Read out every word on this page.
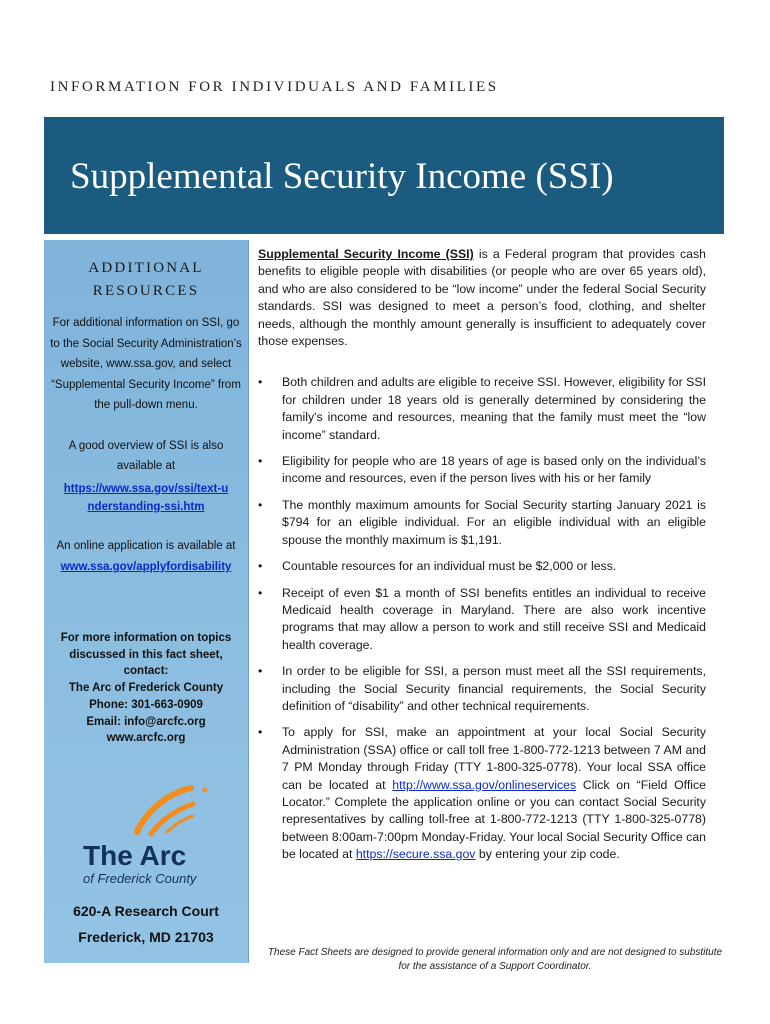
INFORMATION FOR INDIVIDUALS AND FAMILIES
Supplemental Security Income (SSI)
ADDITIONAL
RESOURCES
For additional information on SSI, go to the Social Security Administration’s website, www.ssa.gov, and select “Supplemental Security Income” from the pull-down menu.
A good overview of SSI is also available at
https://www.ssa.gov/ssi/text-understanding-ssi.htm
An online application is available at
www.ssa.gov/applyfordisability
For more information on topics discussed in this fact sheet, contact:
The Arc of Frederick County
Phone: 301-663-0909
Email: info@arcfc.org
www.arcfc.org
The Arc
of Frederick County
620-A Research Court
Frederick, MD 21703

Supplemental Security Income (SSI) is a Federal program that provides cash benefits to eligible people with disabilities (or people who are over 65 years old), and who are also considered to be “low income” under the federal Social Security standards. SSI was designed to meet a person’s food, clothing, and shelter needs, although the monthly amount generally is insufficient to adequately cover those expenses.

• Both children and adults are eligible to receive SSI. However, eligibility for SSI for children under 18 years old is generally determined by considering the family's income and resources, meaning that the family must meet the “low income” standard.
• Eligibility for people who are 18 years of age is based only on the individual’s income and resources, even if the person lives with his or her family
• The monthly maximum amounts for Social Security starting January 2021 is $794 for an eligible individual. For an eligible individual with an eligible spouse the monthly maximum is $1,191.
• Countable resources for an individual must be $2,000 or less.
• Receipt of even $1 a month of SSI benefits entitles an individual to receive Medicaid health coverage in Maryland. There are also work incentive programs that may allow a person to work and still receive SSI and Medicaid health coverage.
• In order to be eligible for SSI, a person must meet all the SSI requirements, including the Social Security financial requirements, the Social Security definition of “disability” and other technical requirements.
• To apply for SSI, make an appointment at your local Social Security Administration (SSA) office or call toll free 1-800-772-1213 between 7 AM and 7 PM Monday through Friday (TTY 1-800-325-0778). Your local SSA office can be located at http://www.ssa.gov/onlineservices Click on “Field Office Locator.” Complete the application online or you can contact Social Security representatives by calling toll-free at 1-800-772-1213 (TTY 1-800-325-0778) between 8:00am-7:00pm Monday-Friday. Your local Social Security Office can be located at https://secure.ssa.gov by entering your zip code.
These Fact Sheets are designed to provide general information only and are not designed to substitute for the assistance of a Support Coordinator.
